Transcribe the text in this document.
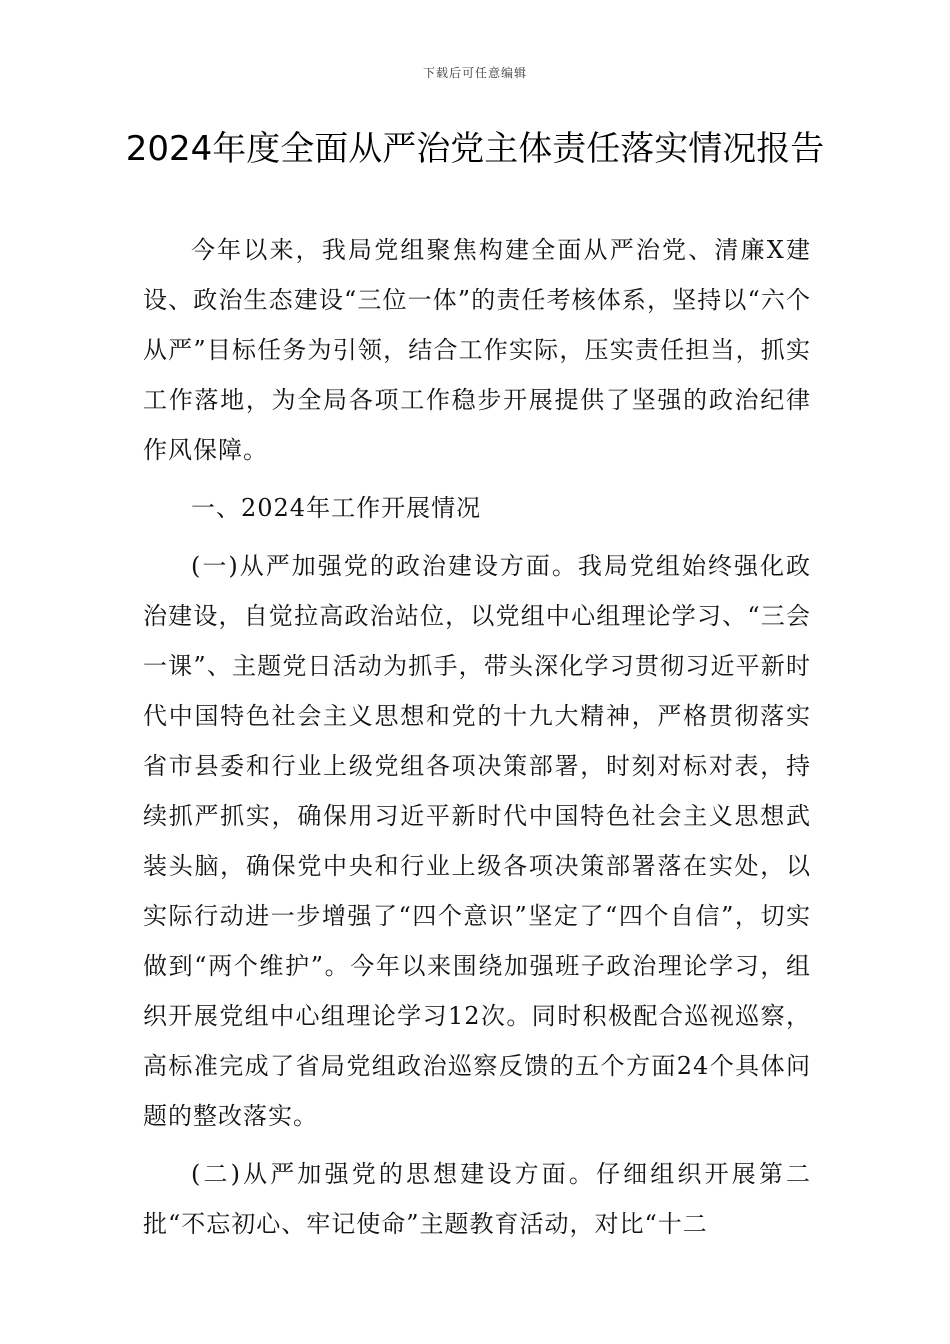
下载后可任意编辑
2024年度全面从严治党主体责任落实情况报告

今年以来，我局党组聚焦构建全面从严治党、清廉X建设、政治生态建设“三位一体”的责任考核体系，坚持以“六个从严”目标任务为引领，结合工作实际，压实责任担当，抓实工作落地，为全局各项工作稳步开展提供了坚强的政治纪律作风保障。

一、2024年工作开展情况

(一)从严加强党的政治建设方面。我局党组始终强化政治建设，自觉拉高政治站位，以党组中心组理论学习、“三会一课”、主题党日活动为抓手，带头深化学习贯彻习近平新时代中国特色社会主义思想和党的十九大精神，严格贯彻落实省市县委和行业上级党组各项决策部署，时刻对标对表，持续抓严抓实，确保用习近平新时代中国特色社会主义思想武装头脑，确保党中央和行业上级各项决策部署落在实处，以实际行动进一步增强了“四个意识”坚定了“四个自信”，切实做到“两个维护”。今年以来围绕加强班子政治理论学习，组织开展党组中心组理论学习12次。同时积极配合巡视巡察，高标准完成了省局党组政治巡察反馈的五个方面24个具体问题的整改落实。

(二)从严加强党的思想建设方面。仔细组织开展第二批“不忘初心、牢记使命”主题教育活动，对比“十二
